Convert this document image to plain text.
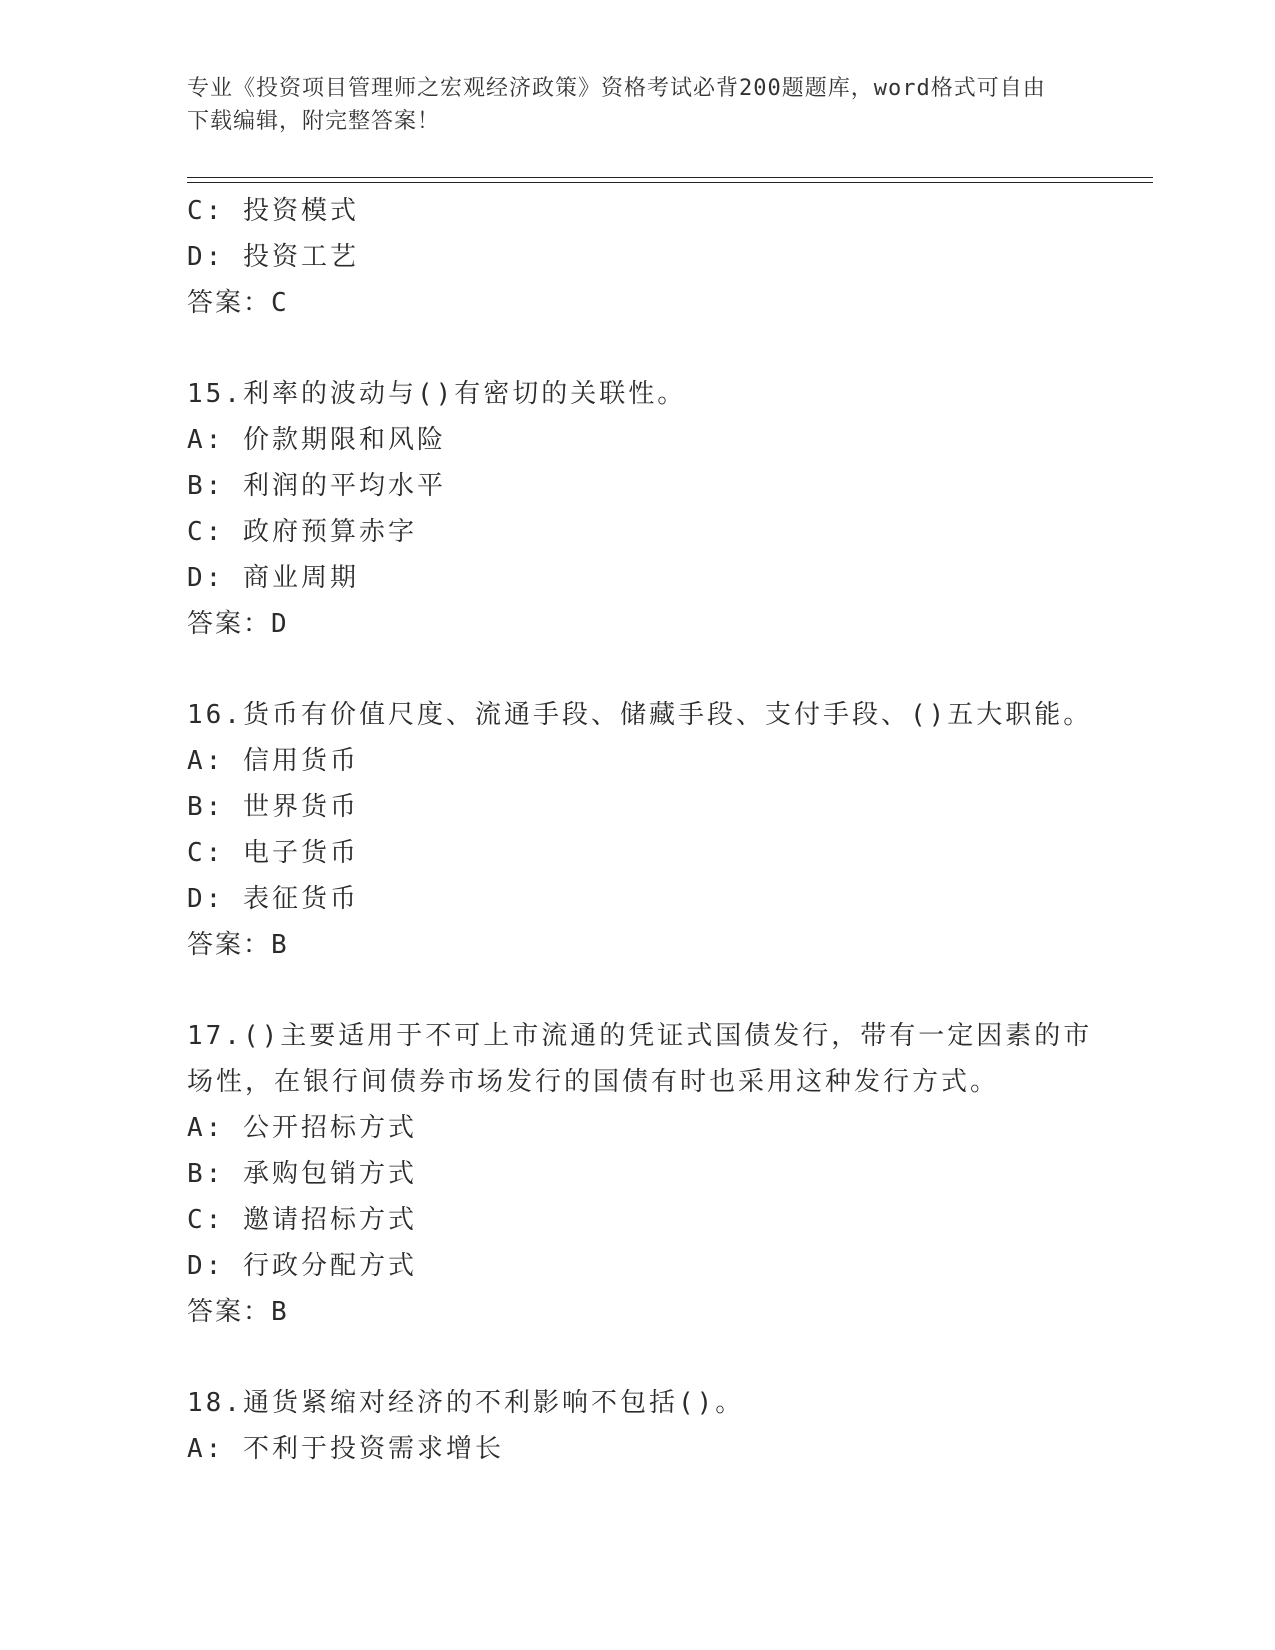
专业《投资项目管理师之宏观经济政策》资格考试必背200题题库，word格式可自由下载编辑，附完整答案！
C: 投资模式
D: 投资工艺
答案：C
15.利率的波动与()有密切的关联性。
A: 价款期限和风险
B: 利润的平均水平
C: 政府预算赤字
D: 商业周期
答案：D
16.货币有价值尺度、流通手段、储藏手段、支付手段、()五大职能。
A: 信用货币
B: 世界货币
C: 电子货币
D: 表征货币
答案：B
17.()主要适用于不可上市流通的凭证式国债发行，带有一定因素的市
场性，在银行间债券市场发行的国债有时也采用这种发行方式。
A: 公开招标方式
B: 承购包销方式
C: 邀请招标方式
D: 行政分配方式
答案：B
18.通货紧缩对经济的不利影响不包括()。
A: 不利于投资需求增长
